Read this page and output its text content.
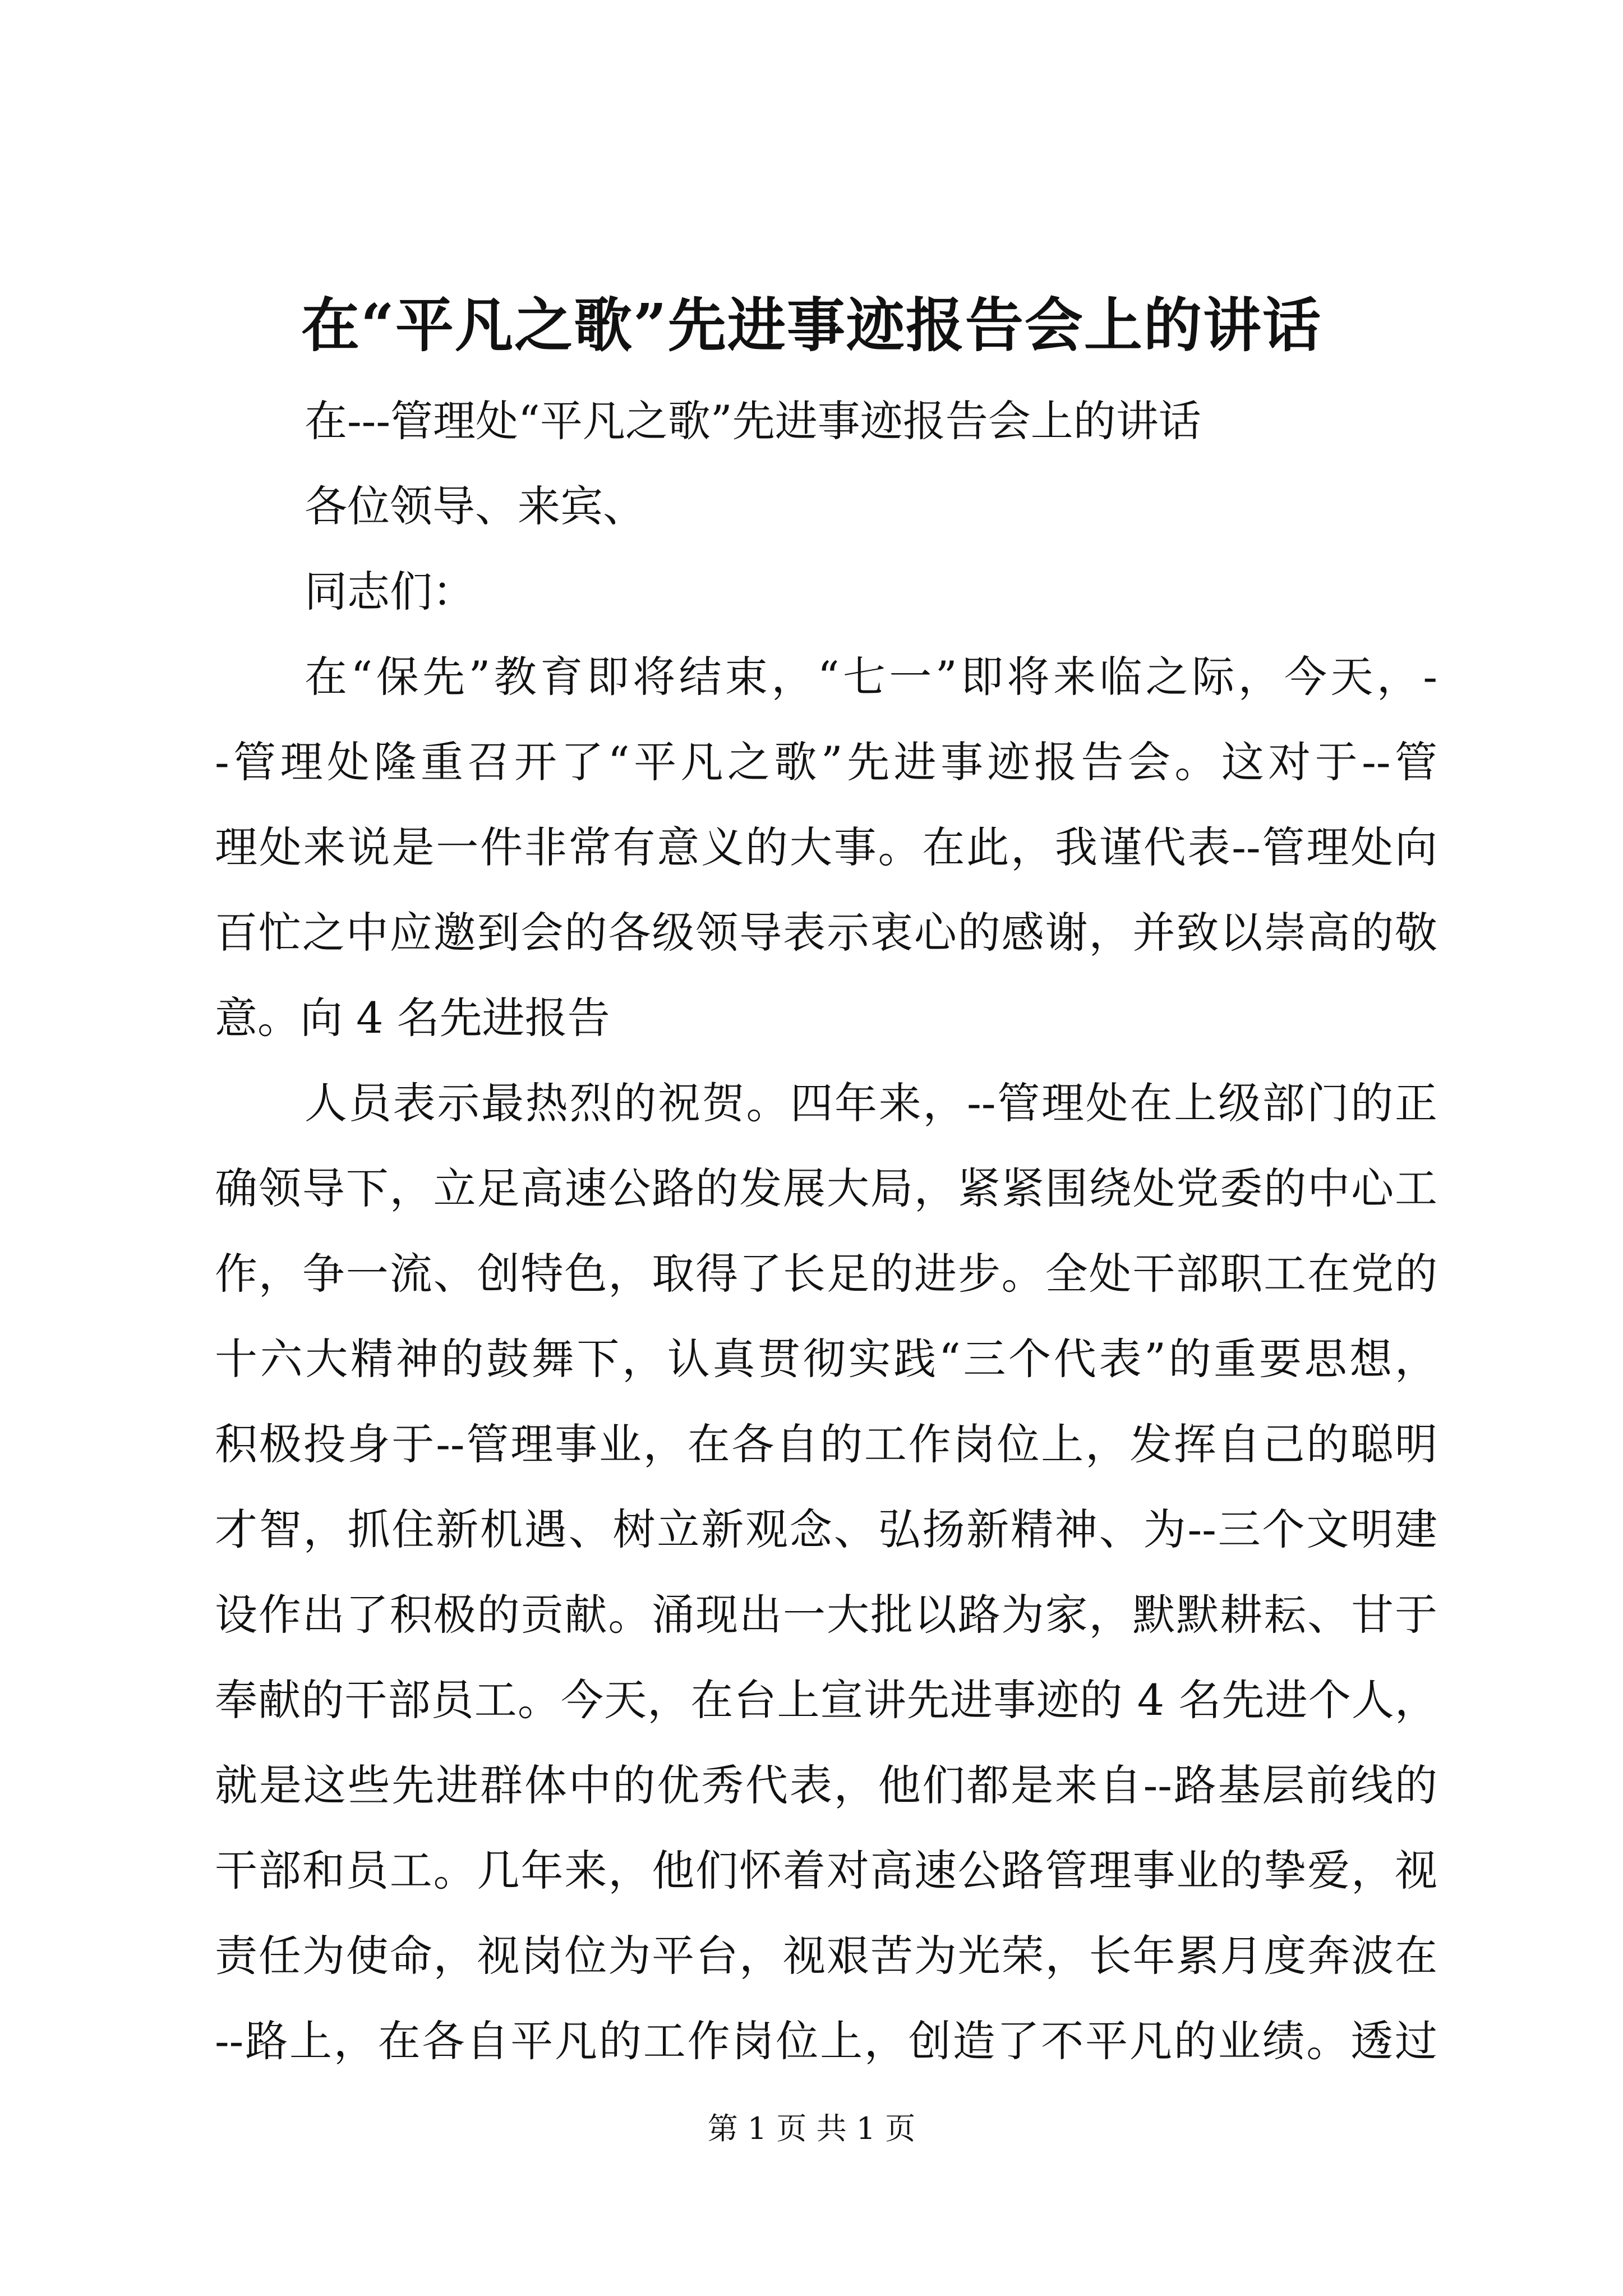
在“平凡之歌”先进事迹报告会上的讲话
在---管理处“平凡之歌”先进事迹报告会上的讲话
各位领导、来宾、
同志们：
在“保先”教育即将结束，“七一”即将来临之际，今天，-
-管理处隆重召开了“平凡之歌”先进事迹报告会。这对于--管
理处来说是一件非常有意义的大事。在此，我谨代表--管理处向
百忙之中应邀到会的各级领导表示衷心的感谢，并致以崇高的敬
意。向 4 名先进报告
人员表示最热烈的祝贺。四年来，--管理处在上级部门的正
确领导下，立足高速公路的发展大局，紧紧围绕处党委的中心工
作，争一流、创特色，取得了长足的进步。全处干部职工在党的
十六大精神的鼓舞下，认真贯彻实践“三个代表”的重要思想，
积极投身于--管理事业，在各自的工作岗位上，发挥自己的聪明
才智，抓住新机遇、树立新观念、弘扬新精神、为--三个文明建
设作出了积极的贡献。涌现出一大批以路为家，默默耕耘、甘于
奉献的干部员工。今天，在台上宣讲先进事迹的 4 名先进个人，
就是这些先进群体中的优秀代表，他们都是来自--路基层前线的
干部和员工。几年来，他们怀着对高速公路管理事业的挚爱，视
责任为使命，视岗位为平台，视艰苦为光荣，长年累月度奔波在
--路上，在各自平凡的工作岗位上，创造了不平凡的业绩。透过
第 1 页 共 1 页
